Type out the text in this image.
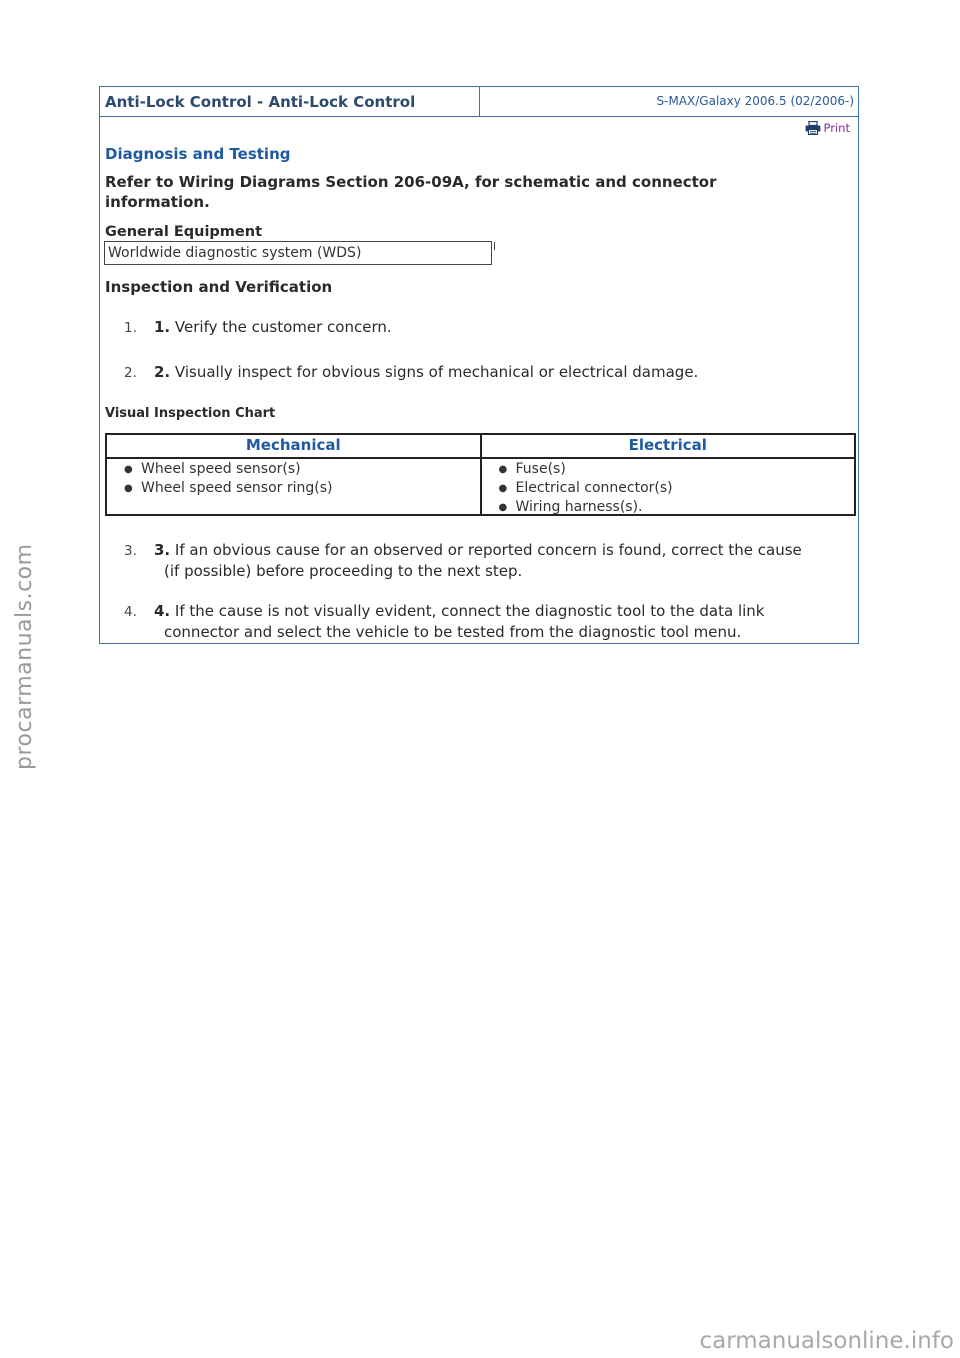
Anti-Lock Control - Anti-Lock Control	S-MAX/Galaxy 2006.5 (02/2006-)
Print
Diagnosis and Testing
Refer to Wiring Diagrams Section 206-09A, for schematic and connector information.
General Equipment
Worldwide diagnostic system (WDS)
Inspection and Verification
1. 1. Verify the customer concern.
2. 2. Visually inspect for obvious signs of mechanical or electrical damage.
Visual Inspection Chart
Mechanical	Electrical
● Wheel speed sensor(s)
● Wheel speed sensor ring(s)
● Fuse(s)
● Electrical connector(s)
● Wiring harness(s).
3. 3. If an obvious cause for an observed or reported concern is found, correct the cause
(if possible) before proceeding to the next step.
4. 4. If the cause is not visually evident, connect the diagnostic tool to the data link
connector and select the vehicle to be tested from the diagnostic tool menu.
procarmanuals.com
carmanualsonline.info
